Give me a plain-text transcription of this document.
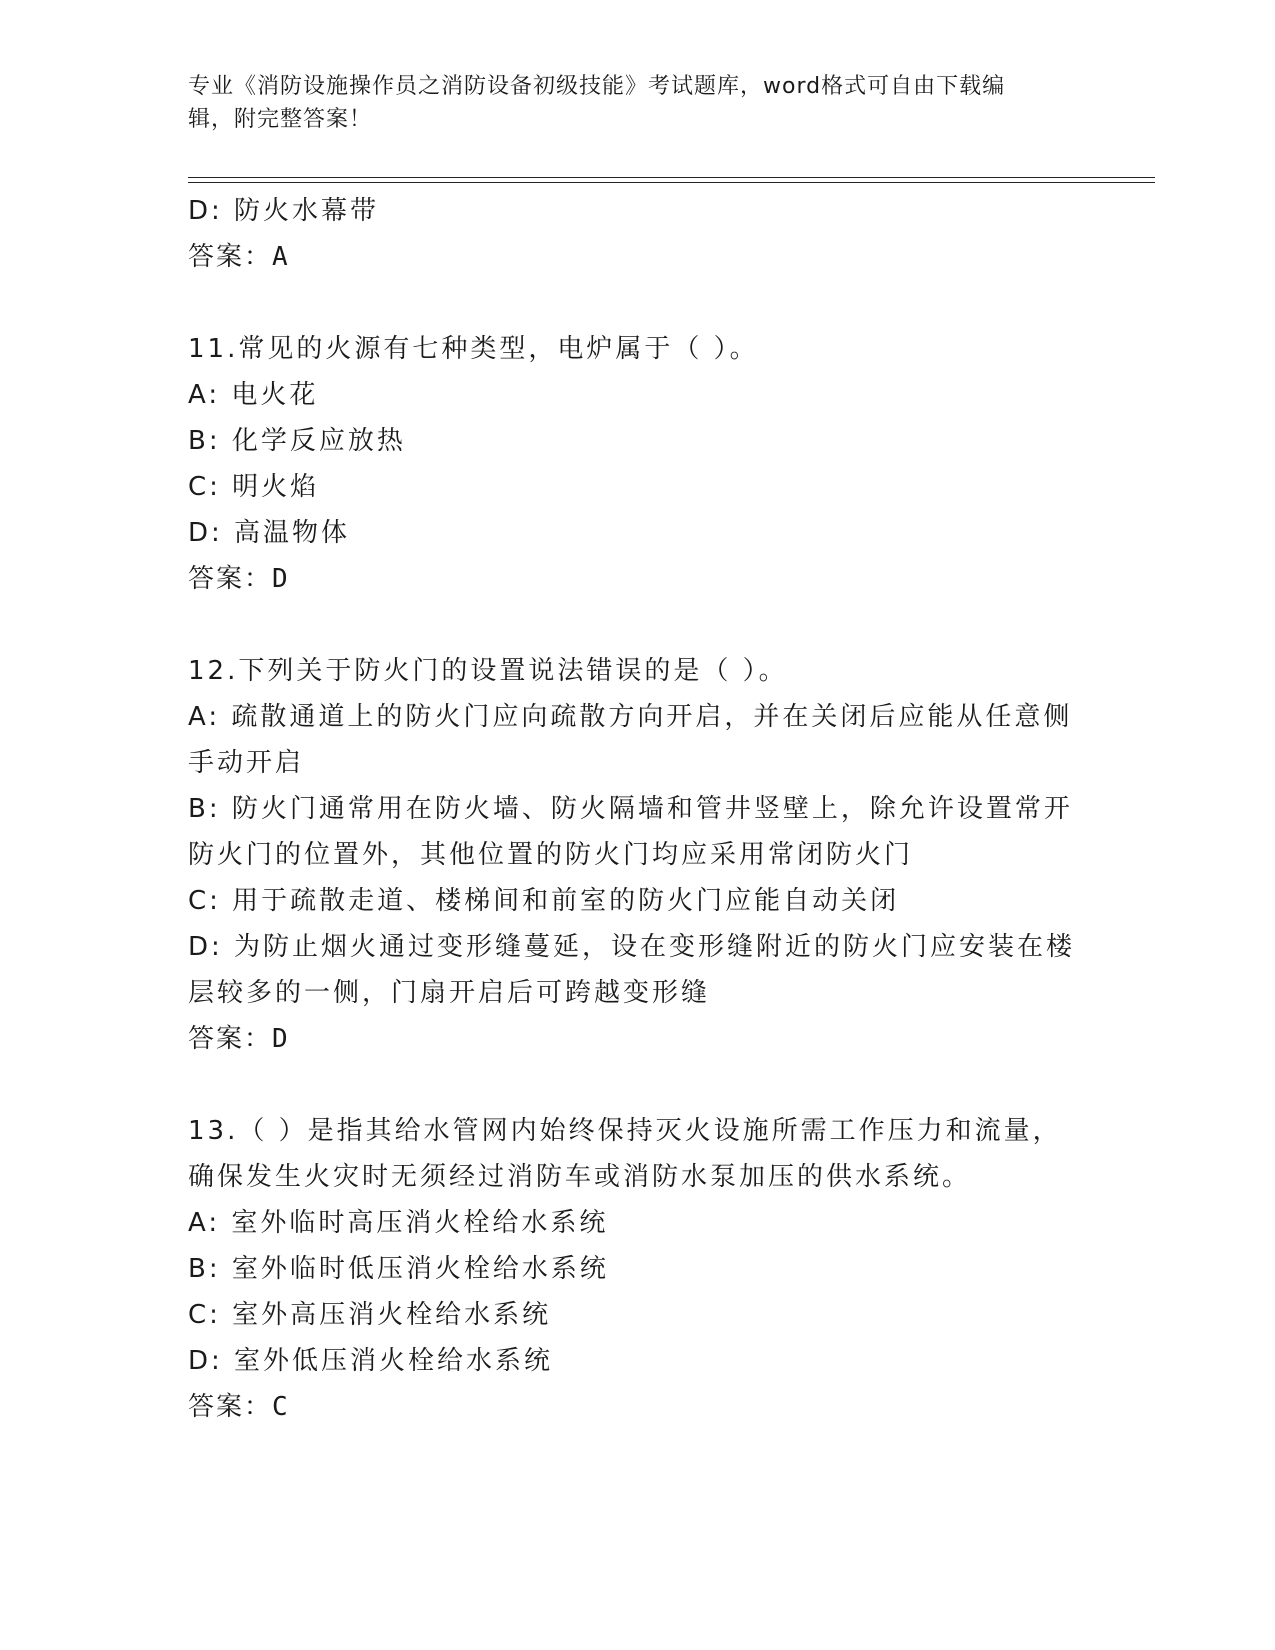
专业《消防设施操作员之消防设备初级技能》考试题库，word格式可自由下载编
辑，附完整答案！
D: 防火水幕带
答案：A
11.常见的火源有七种类型，电炉属于（ ）。
A: 电火花
B: 化学反应放热
C: 明火焰
D: 高温物体
答案：D
12.下列关于防火门的设置说法错误的是（ ）。
A: 疏散通道上的防火门应向疏散方向开启，并在关闭后应能从任意侧
手动开启
B: 防火门通常用在防火墙、防火隔墙和管井竖壁上，除允许设置常开
防火门的位置外，其他位置的防火门均应采用常闭防火门
C: 用于疏散走道、楼梯间和前室的防火门应能自动关闭
D: 为防止烟火通过变形缝蔓延，设在变形缝附近的防火门应安装在楼
层较多的一侧，门扇开启后可跨越变形缝
答案：D
13.（ ）是指其给水管网内始终保持灭火设施所需工作压力和流量，
确保发生火灾时无须经过消防车或消防水泵加压的供水系统。
A: 室外临时高压消火栓给水系统
B: 室外临时低压消火栓给水系统
C: 室外高压消火栓给水系统
D: 室外低压消火栓给水系统
答案：C
